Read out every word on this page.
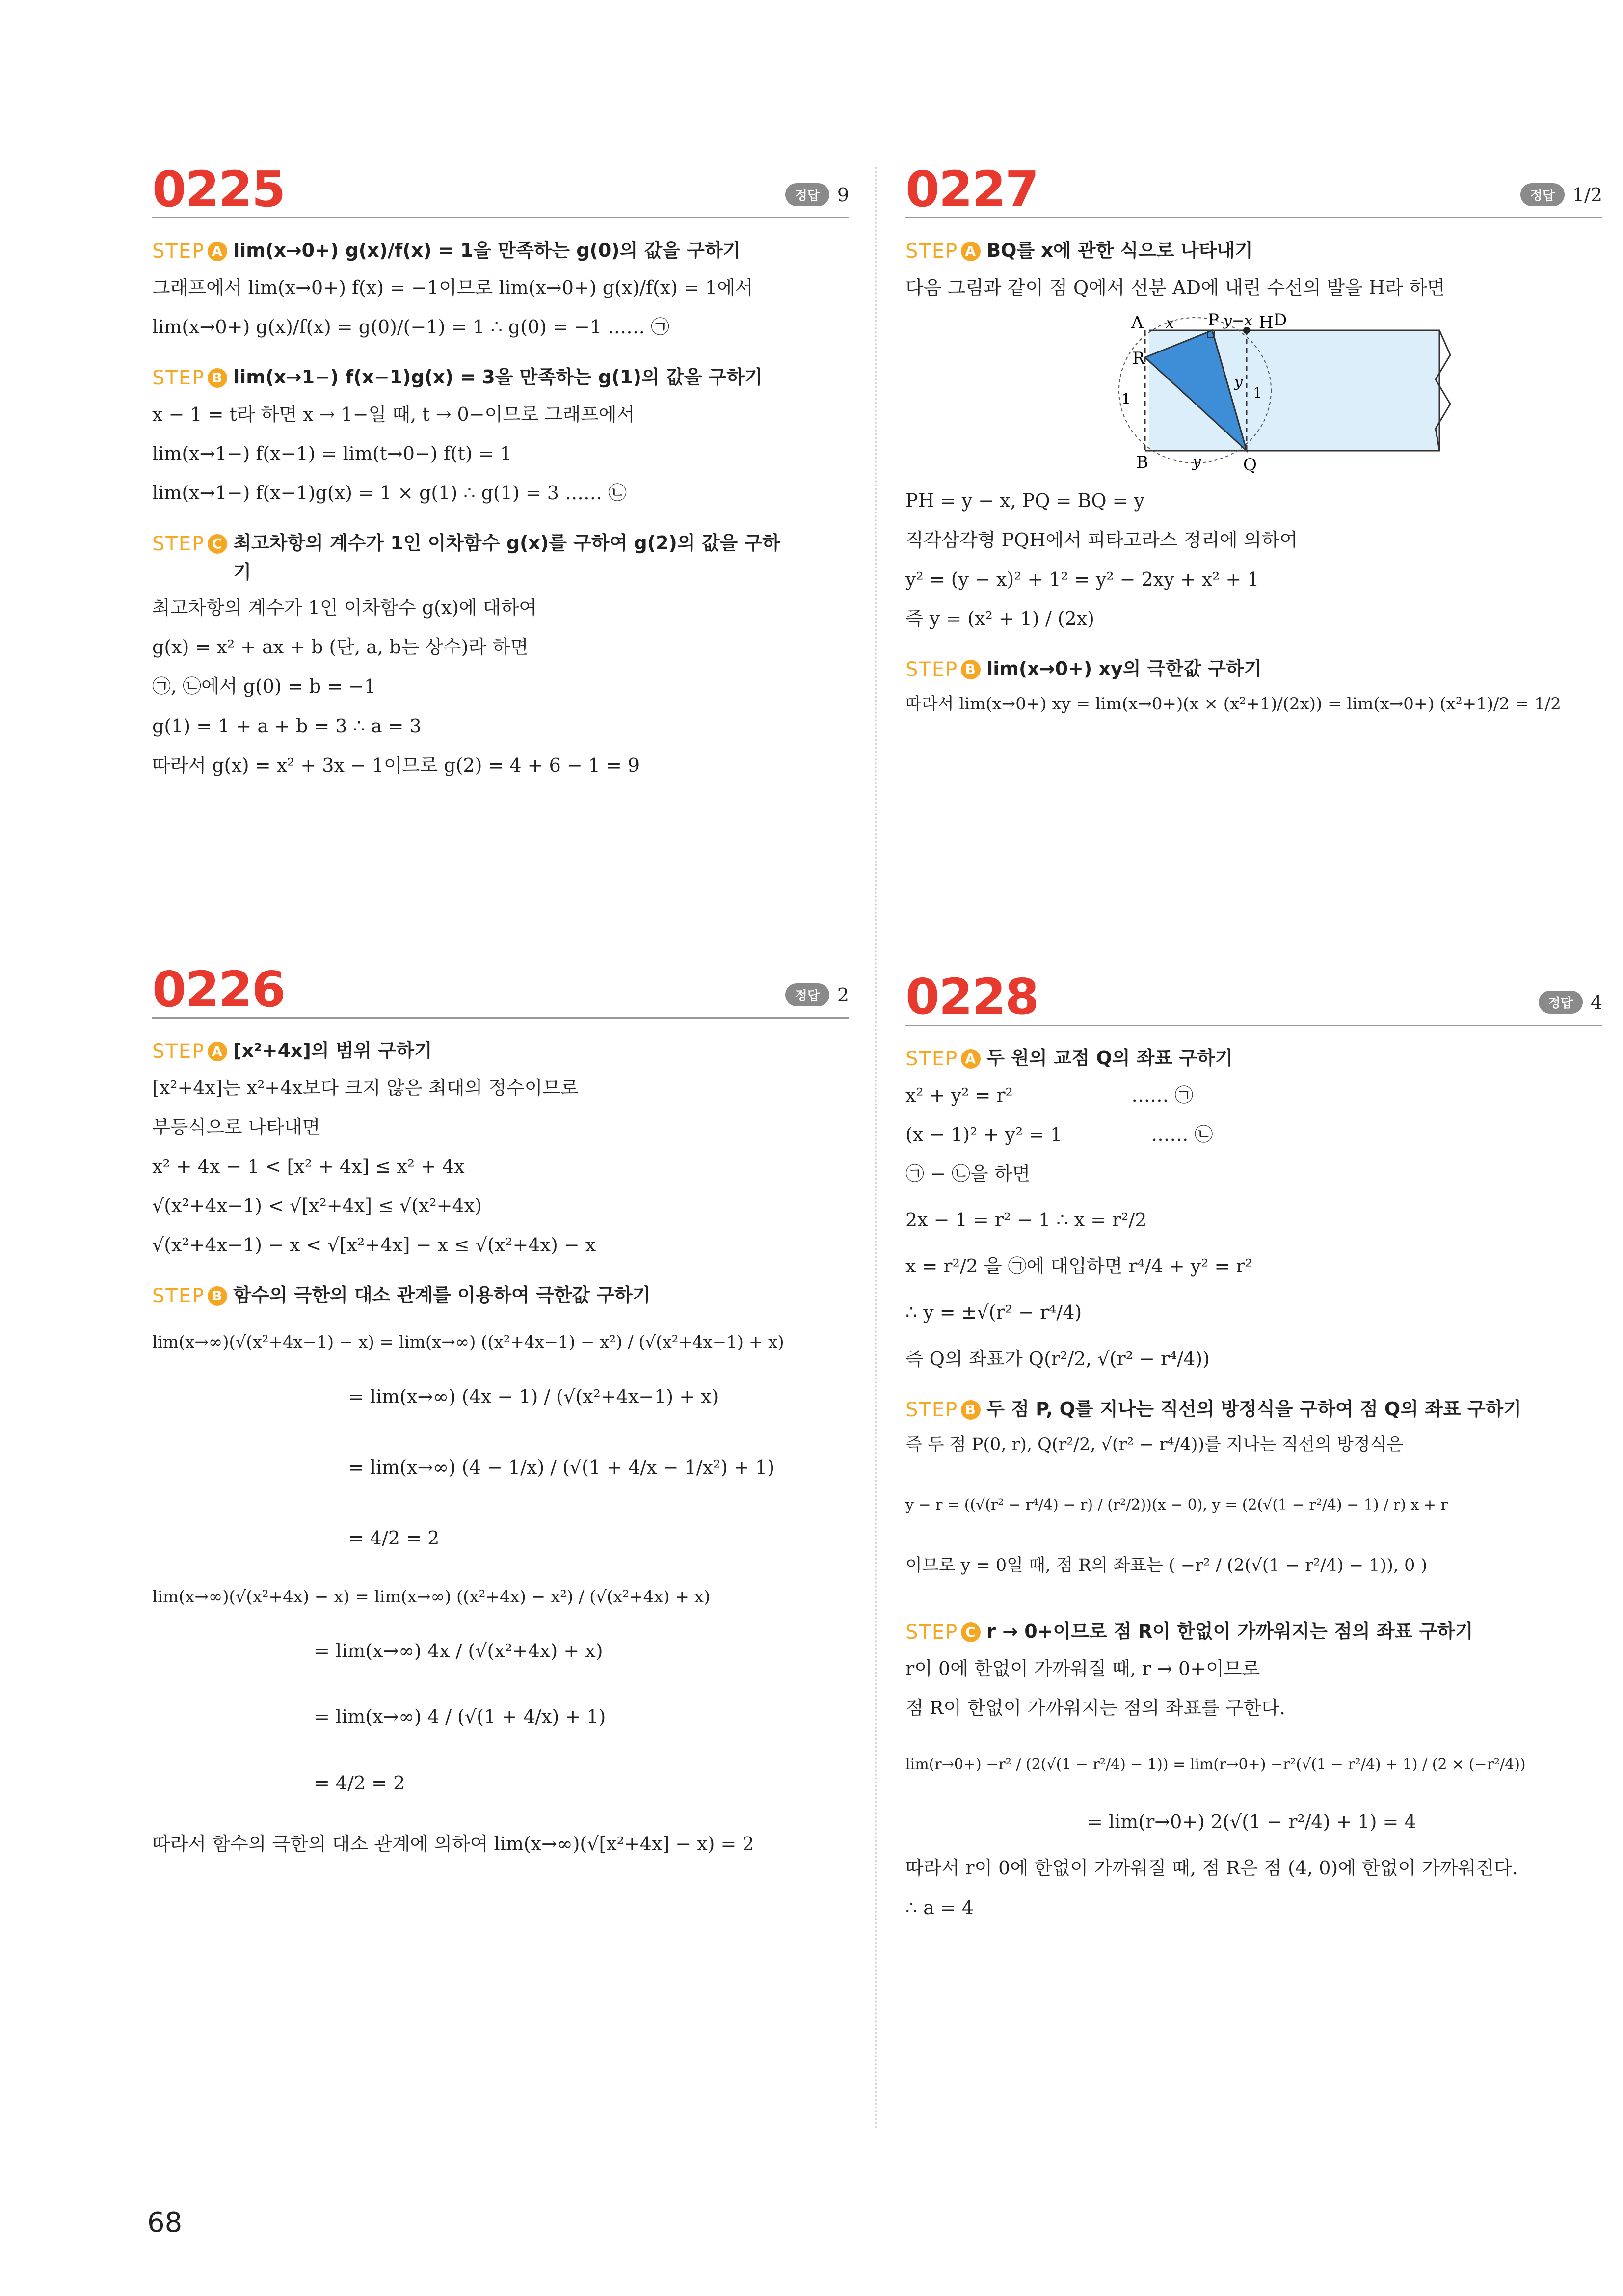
0225	정답 9
STEP A lim(x→0+) g(x)/f(x) = 1을 만족하는 g(0)의 값을 구하기
그래프에서 lim(x→0+) f(x) = −1이므로 lim(x→0+) g(x)/f(x) = 1에서
lim(x→0+) g(x)/f(x) = g(0)/(−1) = 1 ∴ g(0) = −1 …… ㉠
STEP B lim(x→1−) f(x−1)g(x) = 3을 만족하는 g(1)의 값을 구하기
x − 1 = t라 하면 x → 1−일 때, t → 0−이므로 그래프에서
lim(x→1−) f(x−1) = lim(t→0−) f(t) = 1
lim(x→1−) f(x−1)g(x) = 1 × g(1) ∴ g(1) = 3 …… ㉡
STEP C 최고차항의 계수가 1인 이차함수 g(x)를 구하여 g(2)의 값을 구하기
최고차항의 계수가 1인 이차함수 g(x)에 대하여
g(x) = x² + ax + b (단, a, b는 상수)라 하면
㉠, ㉡에서 g(0) = b = −1
g(1) = 1 + a + b = 3 ∴ a = 3
따라서 g(x) = x² + 3x − 1이므로 g(2) = 4 + 6 − 1 = 9
0226	정답 2
STEP A [x²+4x]의 범위 구하기
[x²+4x]는 x²+4x보다 크지 않은 최대의 정수이므로
부등식으로 나타내면
x² + 4x − 1 < [x² + 4x] ≤ x² + 4x
√(x²+4x−1) < √[x²+4x] ≤ √(x²+4x)
√(x²+4x−1) − x < √[x²+4x] − x ≤ √(x²+4x) − x
STEP B 함수의 극한의 대소 관계를 이용하여 극한값 구하기
lim(x→∞)(√(x²+4x−1) − x) = lim(x→∞) ((x²+4x−1) − x²) / (√(x²+4x−1) + x)
= lim(x→∞) (4x − 1) / (√(x²+4x−1) + x)
= lim(x→∞) (4 − 1/x) / (√(1 + 4/x − 1/x²) + 1)
= 4/2 = 2
lim(x→∞)(√(x²+4x) − x) = lim(x→∞) ((x²+4x) − x²) / (√(x²+4x) + x)
= lim(x→∞) 4x / (√(x²+4x) + x)
= lim(x→∞) 4 / (√(1 + 4/x) + 1)
= 4/2 = 2
따라서 함수의 극한의 대소 관계에 의하여 lim(x→∞)(√[x²+4x] − x) = 2
0227	정답 1/2
STEP A BQ를 x에 관한 식으로 나타내기
다음 그림과 같이 점 Q에서 선분 AD에 내린 수선의 발을 H라 하면
A x P y−x H D
R
1
y
1
B	y	Q
PH = y − x, PQ = BQ = y
직각삼각형 PQH에서 피타고라스 정리에 의하여
y² = (y − x)² + 1² = y² − 2xy + x² + 1
즉 y = (x² + 1) / (2x)
STEP B lim(x→0+) xy의 극한값 구하기
따라서 lim(x→0+) xy = lim(x→0+)(x × (x²+1)/(2x)) = lim(x→0+) (x²+1)/2 = 1/2
0228	정답 4
STEP A 두 원의 교점 Q의 좌표 구하기
x² + y² = r²                    …… ㉠
(x − 1)² + y² = 1               …… ㉡
㉠ − ㉡을 하면
2x − 1 = r² − 1 ∴ x = r²/2
x = r²/2 을 ㉠에 대입하면 r⁴/4 + y² = r²
∴ y = ±√(r² − r⁴/4)
즉 Q의 좌표가 Q(r²/2, √(r² − r⁴/4))
STEP B 두 점 P, Q를 지나는 직선의 방정식을 구하여 점 Q의 좌표 구하기
즉 두 점 P(0, r), Q(r²/2, √(r² − r⁴/4))를 지나는 직선의 방정식은
y − r = ((√(r² − r⁴/4) − r) / (r²/2))(x − 0), y = (2(√(1 − r²/4) − 1) / r) x + r
이므로 y = 0일 때, 점 R의 좌표는 ( −r² / (2(√(1 − r²/4) − 1)), 0 )
STEP C r → 0+이므로 점 R이 한없이 가까워지는 점의 좌표 구하기
r이 0에 한없이 가까워질 때, r → 0+이므로
점 R이 한없이 가까워지는 점의 좌표를 구한다.
lim(r→0+) −r² / (2(√(1 − r²/4) − 1)) = lim(r→0+) −r²(√(1 − r²/4) + 1) / (2 × (−r²/4))
= lim(r→0+) 2(√(1 − r²/4) + 1) = 4
따라서 r이 0에 한없이 가까워질 때, 점 R은 점 (4, 0)에 한없이 가까워진다.
∴ a = 4
68
